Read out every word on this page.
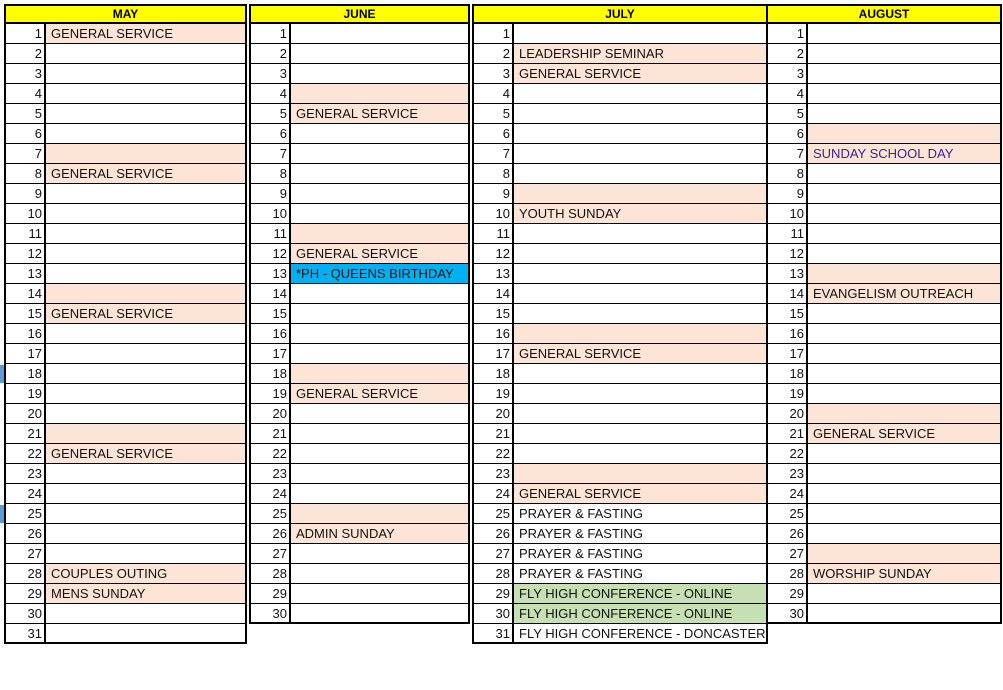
MAY
1 GENERAL SERVICE
2
3
4
5
6
7
8 GENERAL SERVICE
9
10
11
12
13
14
15 GENERAL SERVICE
16
17
18
19
20
21
22 GENERAL SERVICE
23
24
25
26
27
28 COUPLES OUTING
29 MENS SUNDAY
30
31
JUNE
1
2
3
4
5 GENERAL SERVICE
6
7
8
9
10
11
12 GENERAL SERVICE
13 *PH - QUEENS BIRTHDAY
14
15
16
17
18
19 GENERAL SERVICE
20
21
22
23
24
25
26 ADMIN SUNDAY
27
28
29
30
JULY
1
2 LEADERSHIP SEMINAR
3 GENERAL SERVICE
4
5
6
7
8
9
10 YOUTH SUNDAY
11
12
13
14
15
16
17 GENERAL SERVICE
18
19
20
21
22
23
24 GENERAL SERVICE
25 PRAYER & FASTING
26 PRAYER & FASTING
27 PRAYER & FASTING
28 PRAYER & FASTING
29 FLY HIGH CONFERENCE - ONLINE
30 FLY HIGH CONFERENCE - ONLINE
31 FLY HIGH CONFERENCE - DONCASTER
AUGUST
1
2
3
4
5
6
7 SUNDAY SCHOOL DAY
8
9
10
11
12
13
14 EVANGELISM OUTREACH
15
16
17
18
19
20
21 GENERAL SERVICE
22
23
24
25
26
27
28 WORSHIP SUNDAY
29
30
